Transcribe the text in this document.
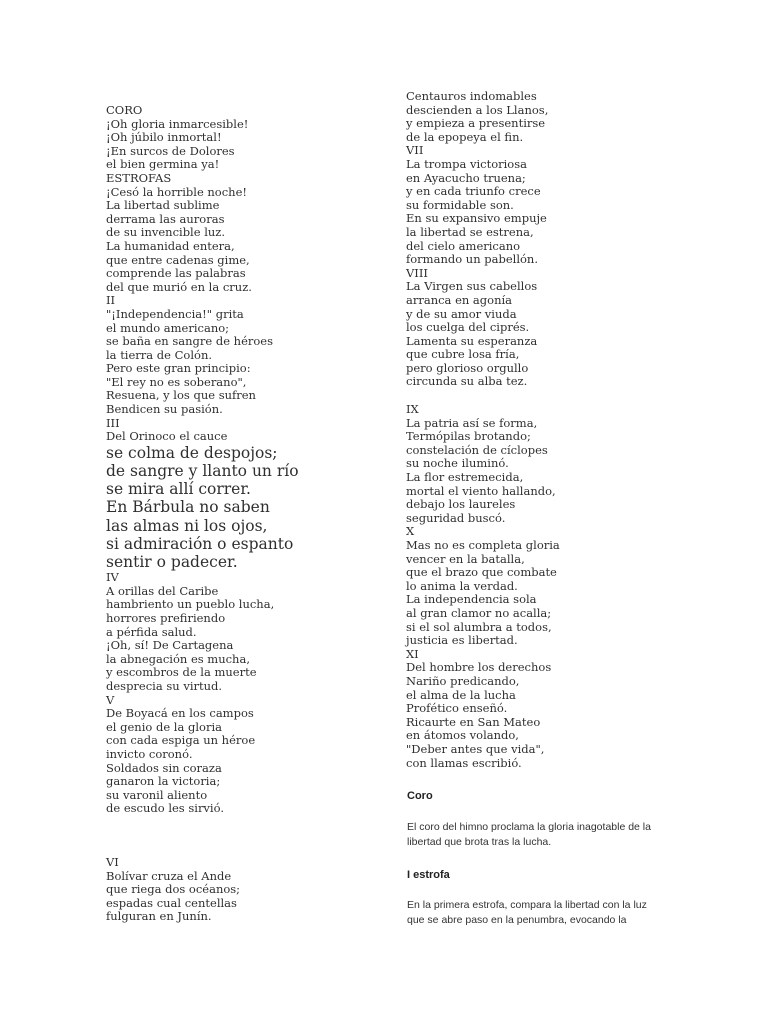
CORO
¡Oh gloria inmarcesible!
¡Oh júbilo inmortal!
¡En surcos de Dolores
el bien germina ya!
ESTROFAS
¡Cesó la horrible noche!
La libertad sublime
derrama las auroras
de su invencible luz.
La humanidad entera,
que entre cadenas gime,
comprende las palabras
del que murió en la cruz.
II
"¡Independencia!" grita
el mundo americano;
se baña en sangre de héroes
la tierra de Colón.
Pero este gran principio:
"El rey no es soberano",
Resuena, y los que sufren
Bendicen su pasión.
III
Del Orinoco el cauce
se colma de despojos;
de sangre y llanto un río
se mira allí correr.
En Bárbula no saben
las almas ni los ojos,
si admiración o espanto
sentir o padecer.
IV
A orillas del Caribe
hambriento un pueblo lucha,
horrores prefiriendo
a pérfida salud.
¡Oh, sí! De Cartagena
la abnegación es mucha,
y escombros de la muerte
desprecia su virtud.
V
De Boyacá en los campos
el genio de la gloria
con cada espiga un héroe
invicto coronó.
Soldados sin coraza
ganaron la victoria;
su varonil aliento
de escudo les sirvió.
VI
Bolívar cruza el Ande
que riega dos océanos;
espadas cual centellas
fulguran en Junín.
Centauros indomables
descienden a los Llanos,
y empieza a presentirse
de la epopeya el fin.
VII
La trompa victoriosa
en Ayacucho truena;
y en cada triunfo crece
su formidable son.
En su expansivo empuje
la libertad se estrena,
del cielo americano
formando un pabellón.
VIII
La Virgen sus cabellos
arranca en agonía
y de su amor viuda
los cuelga del ciprés.
Lamenta su esperanza
que cubre losa fría,
pero glorioso orgullo
circunda su alba tez.
IX
La patria así se forma,
Termópilas brotando;
constelación de cíclopes
su noche iluminó.
La flor estremecida,
mortal el viento hallando,
debajo los laureles
seguridad buscó.
X
Mas no es completa gloria
vencer en la batalla,
que el brazo que combate
lo anima la verdad.
La independencia sola
al gran clamor no acalla;
si el sol alumbra a todos,
justicia es libertad.
XI
Del hombre los derechos
Nariño predicando,
el alma de la lucha
Profético enseñó.
Ricaurte en San Mateo
en átomos volando,
"Deber antes que vida",
con llamas escribió.
Coro
El coro del himno proclama la gloria inagotable de la libertad que brota tras la lucha.
I estrofa
En la primera estrofa, compara la libertad con la luz que se abre paso en la penumbra, evocando la
